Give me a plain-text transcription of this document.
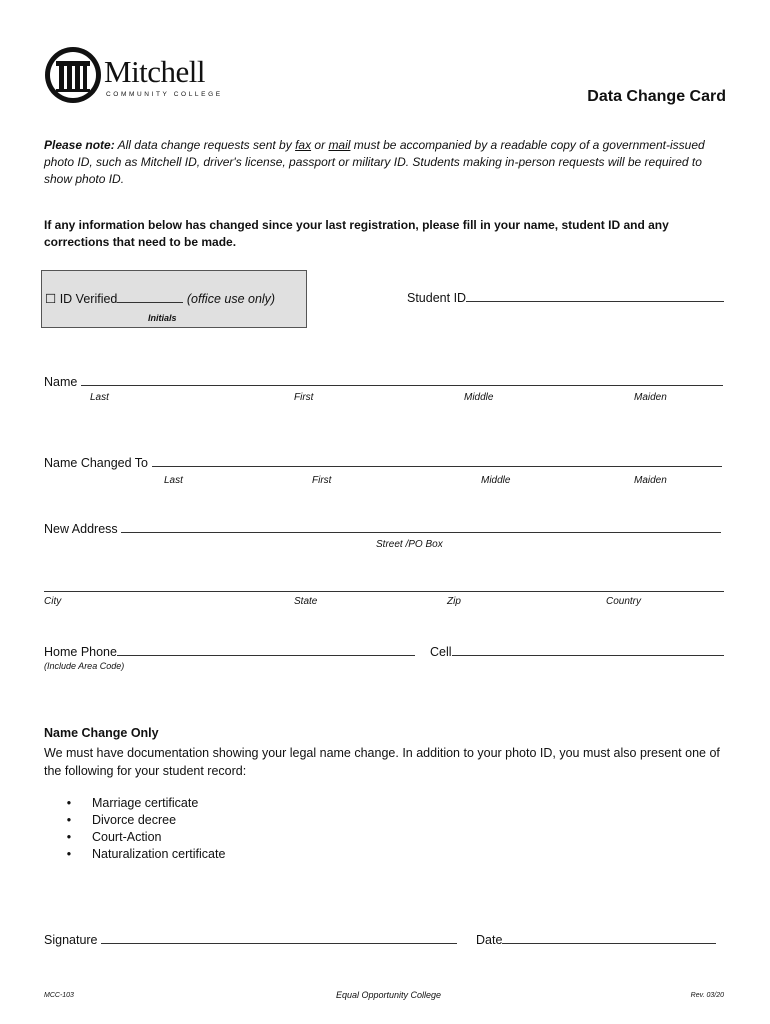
Mitchell
COMMUNITY COLLEGE	Data Change Card
Please note: All data change requests sent by fax or mail must be accompanied by a readable copy of a government-issued photo ID, such as Mitchell ID, driver's license, passport or military ID. Students making in-person requests will be required to show photo ID.
If any information below has changed since your last registration, please fill in your name, student ID and any corrections that need to be made.
☐ ID Verified	(office use only)
Initials
Student ID
Name
Last	First	Middle	Maiden
Name Changed To
Last	First	Middle	Maiden
New Address
Street /PO Box
City	State	Zip	Country
Home Phone
(Include Area Code)
Cell
Name Change Only
We must have documentation showing your legal name change. In addition to your photo ID, you must also present one of the following for your student record:
• Marriage certificate
• Divorce decree
• Court-Action
• Naturalization certificate
Signature	Date
MCC-103	Equal Opportunity College	Rev. 03/20
